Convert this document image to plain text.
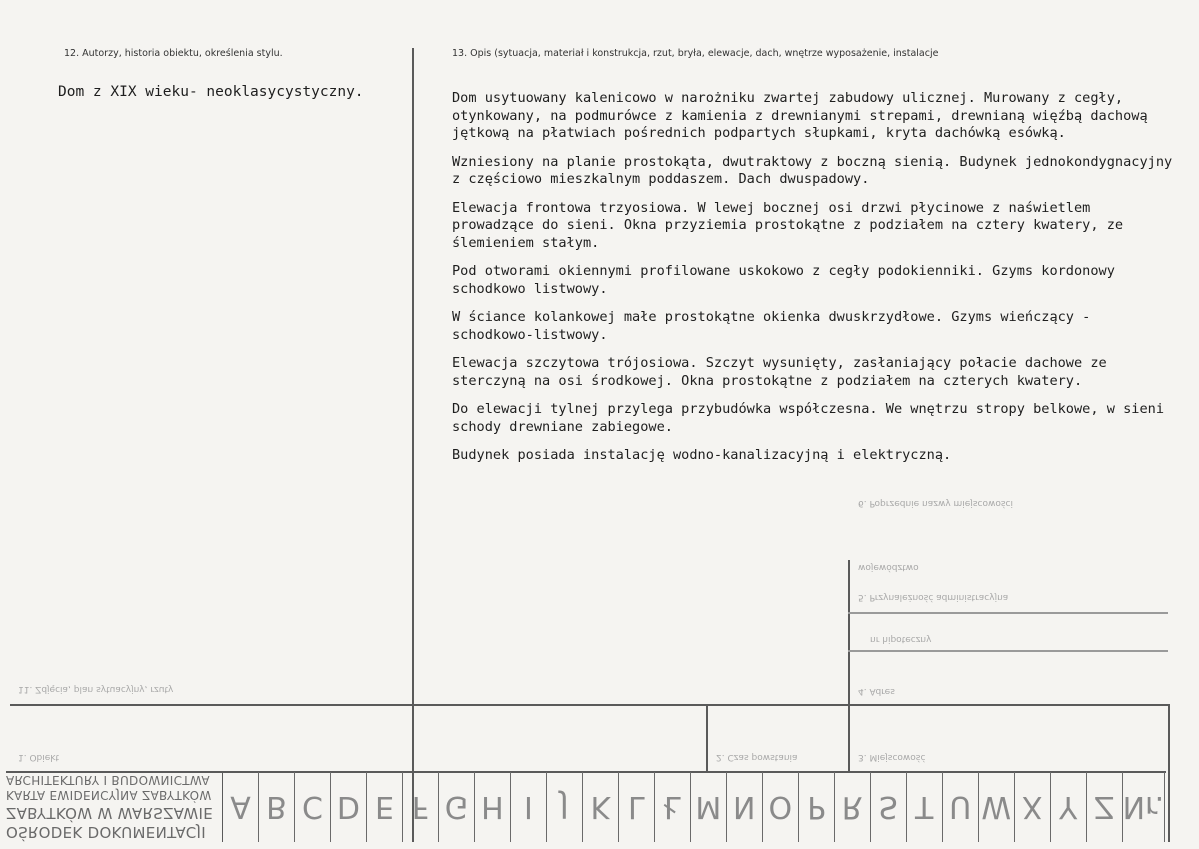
12. Autorzy, historia obiektu, określenia stylu.	13. Opis (sytuacja, materiał i konstrukcja, rzut, bryła, elewacje, dach, wnętrze wyposażenie, instalacje
Dom z XIX wieku- neoklasycystyczny.	Dom usytuowany kalenicowo w narożniku zwartej zabudowy ulicznej. Murowany z cegły, otynkowany, na podmurówce z kamienia z drewnianymi strepami, drewnianą więźbą dachową jętkową na płatwiach pośrednich podpartych słupkami, kryta dachówką esówką.

Wzniesiony na planie prostokąta, dwutraktowy z boczną sienią. Budynek jednokondygnacyjny z częściowo mieszkalnym poddaszem. Dach dwuspadowy.

Elewacja frontowa trzyosiowa. W lewej bocznej osi drzwi płycinowe z naświetlem prowadzące do sieni. Okna przyziemia prostokątne z podziałem na cztery kwatery, ze ślemieniem stałym.

Pod otworami okiennymi profilowane uskokowo z cegły podokienniki. Gzyms kordonowy schodkowo listwowy.

W ściance kolankowej małe prostokątne okienka dwuskrzydłowe. Gzyms wieńczący - schodkowo-listwowy.

Elewacja szczytowa trójosiowa. Szczyt wysunięty, zasłaniający połacie dachowe ze sterczyną na osi środkowej. Okna prostokątne z podziałem na czterych kwatery.

Do elewacji tylnej przylega przybudówka współczesna. We wnętrzu stropy belkowe, w sieni schody drewniane zabiegowe.

Budynek posiada instalację wodno-kanalizacyjną i elektryczną.

11. Zdjęcia, plan sytuacyjny, rzuty
1. Obiekt	2. Czas powstania	3. Miejscowość
4. Adres
5. Przynależność administracyjna
województwo
nr hipoteczny
6. Poprzednie nazwy miejscowości
OŚRODEK DOKUMENTACJI
ZABYTKÓW W WARSZAWIE
KARTA EWIDENCYJNA ZABYTKÓW
ARCHITEKTURY I BUDOWNICTWA
A B C D E F G H I J K L Ł M N O P R S T U W X Y Z Nr.
